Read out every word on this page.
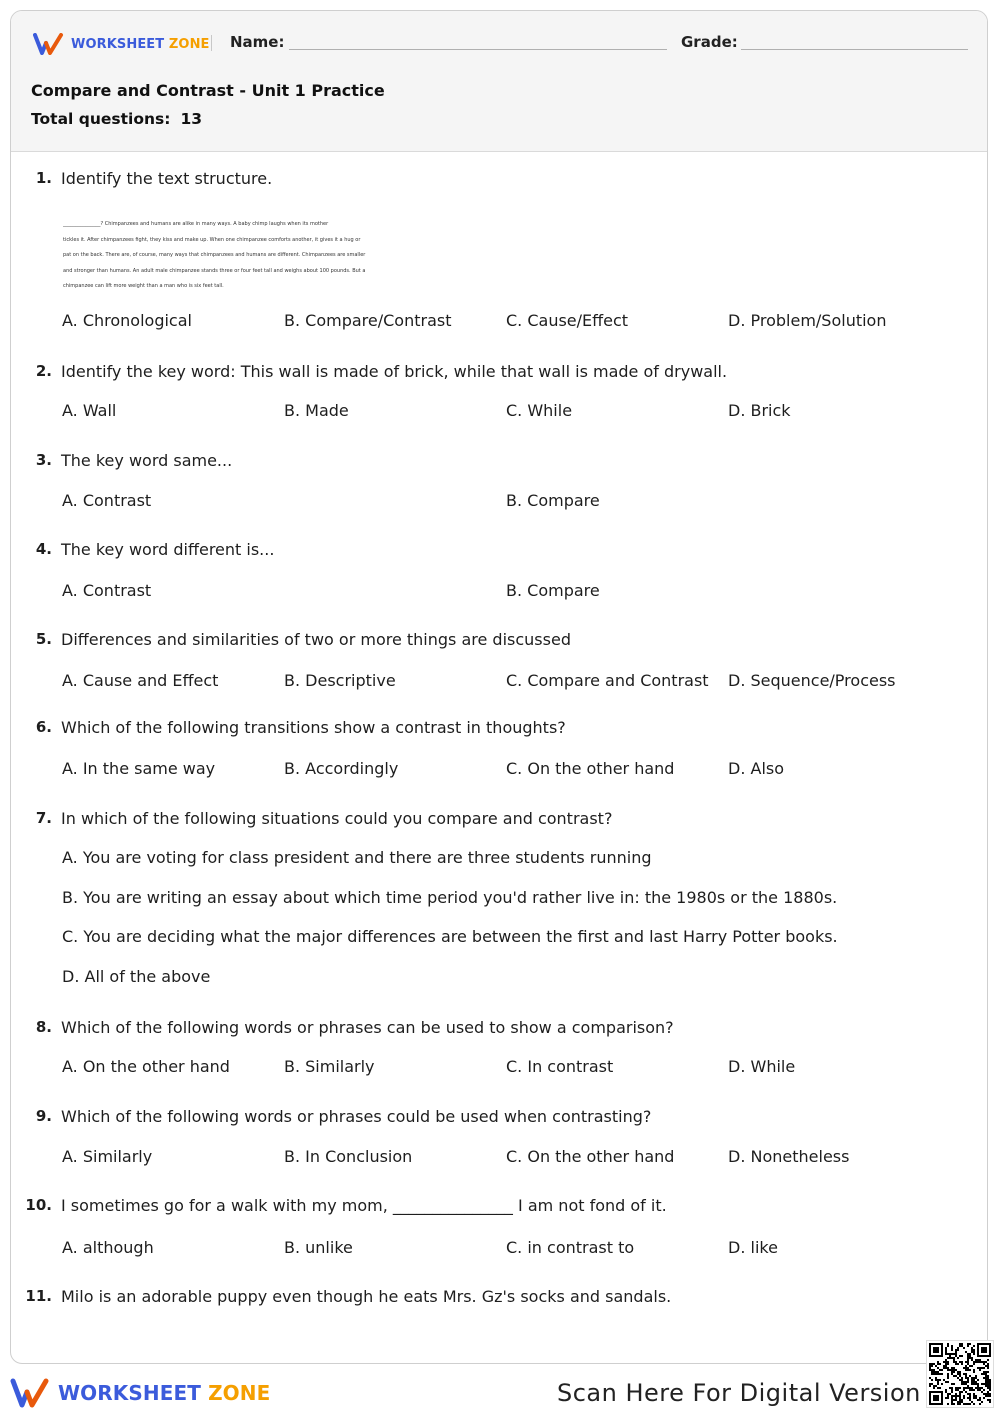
WORKSHEET ZONE Name:	Grade:
Compare and Contrast - Unit 1 Practice
Total questions: 13
1. Identify the text structure.
_______________? Chimpanzees and humans are alike in many ways. A baby chimp laughs when its mother
tickles it. After chimpanzees fight, they kiss and make up. When one chimpanzee comforts another, it gives it a hug or
pat on the back. There are, of course, many ways that chimpanzees and humans are different. Chimpanzees are smaller
and stronger than humans. An adult male chimpanzee stands three or four feet tall and weighs about 100 pounds. But a
chimpanzee can lift more weight than a man who is six feet tall.
A. Chronological	B. Compare/Contrast	C. Cause/Effect	D. Problem/Solution
2. Identify the key word: This wall is made of brick, while that wall is made of drywall.
A. Wall	B. Made	C. While	D. Brick
3. The key word same...
A. Contrast	B. Compare
4. The key word different is...
A. Contrast	B. Compare
5. Differences and similarities of two or more things are discussed
A. Cause and Effect	B. Descriptive	C. Compare and Contrast D. Sequence/Process
6. Which of the following transitions show a contrast in thoughts?
A. In the same way	B. Accordingly	C. On the other hand	D. Also
7. In which of the following situations could you compare and contrast?
A. You are voting for class president and there are three students running
B. You are writing an essay about which time period you'd rather live in: the 1980s or the 1880s.
C. You are deciding what the major differences are between the first and last Harry Potter books.
D. All of the above
8. Which of the following words or phrases can be used to show a comparison?
A. On the other hand	B. Similarly	C. In contrast	D. While
9. Which of the following words or phrases could be used when contrasting?
A. Similarly	B. In Conclusion	C. On the other hand	D. Nonetheless
10. I sometimes go for a walk with my mom, _______________ I am not fond of it.
A. although	B. unlike	C. in contrast to	D. like
11. Milo is an adorable puppy even though he eats Mrs. Gz's socks and sandals.
WORKSHEET ZONE	Scan Here For Digital Version
